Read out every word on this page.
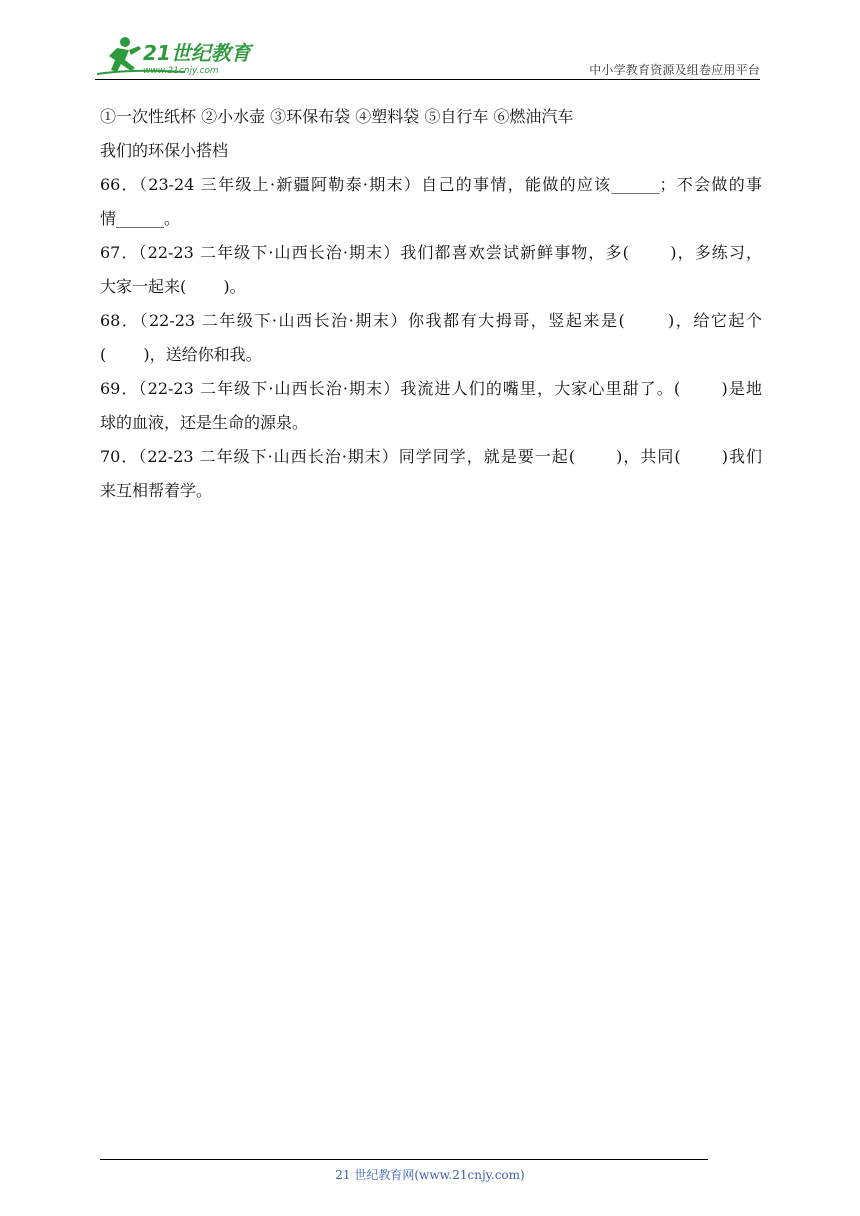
21世纪教育
www.21cnjy.com	中小学教育资源及组卷应用平台
①一次性纸杯 ②小水壶 ③环保布袋 ④塑料袋 ⑤自行车 ⑥燃油汽车
我们的环保小搭档
66．（23-24 三年级上·新疆阿勒泰·期末）自己的事情，能做的应该______；不会做的事
情______。
67．（22-23 二年级下·山西长治·期末）我们都喜欢尝试新鲜事物，多(　　 )，多练习，
大家一起来(　　 )。
68．（22-23 二年级下·山西长治·期末）你我都有大拇哥，竖起来是(　　 )，给它起个
(　　 )，送给你和我。
69．（22-23 二年级下·山西长治·期末）我流进人们的嘴里，大家心里甜了。(　　 )是地
球的血液，还是生命的源泉。
70．（22-23 二年级下·山西长治·期末）同学同学，就是要一起(　　 )，共同(　　 )我们
来互相帮着学。
21 世纪教育网(www.21cnjy.com)
